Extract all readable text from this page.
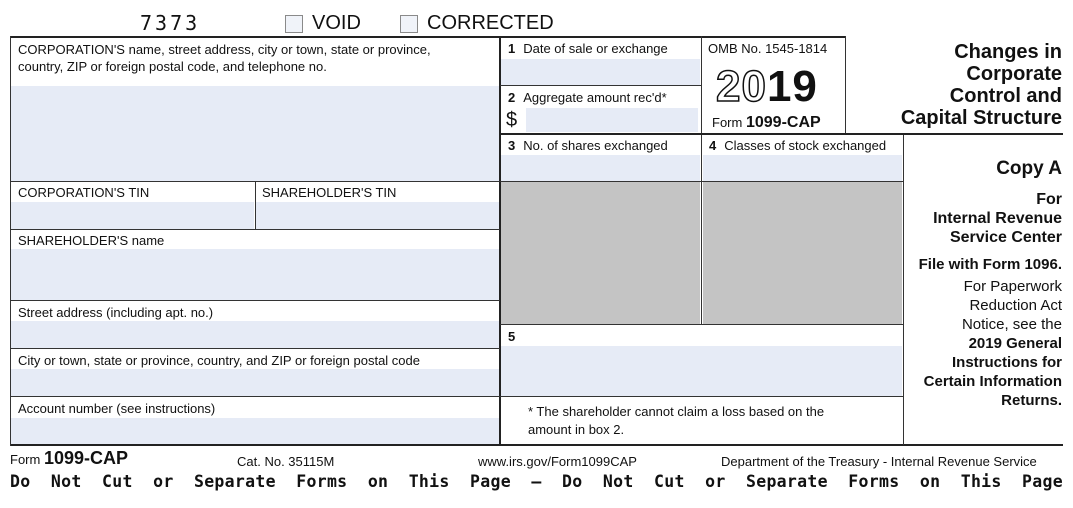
7373	VOID	CORRECTED
CORPORATION'S name, street address, city or town, state or province,
country, ZIP or foreign postal code, and telephone no.
CORPORATION'S TIN	SHAREHOLDER'S TIN
SHAREHOLDER'S name
Street address (including apt. no.)
City or town, state or province, country, and ZIP or foreign postal code
Account number (see instructions)
1 Date of sale or exchange
2 Aggregate amount rec'd*
$
3 No. of shares exchanged	4 Classes of stock exchanged
5
* The shareholder cannot claim a loss based on the
amount in box 2.
OMB No. 1545-1814
2019
Form 1099-CAP
Changes in
Corporate
Control and
Capital Structure
Copy A
For
Internal Revenue
Service Center
File with Form 1096.
For Paperwork
Reduction Act
Notice, see the
2019 General
Instructions for
Certain Information
Returns.
Form 1099-CAP	Cat. No. 35115M	www.irs.gov/Form1099CAP	Department of the Treasury - Internal Revenue Service
Do Not Cut or Separate Forms on This Page — Do Not Cut or Separate Forms on This Page
